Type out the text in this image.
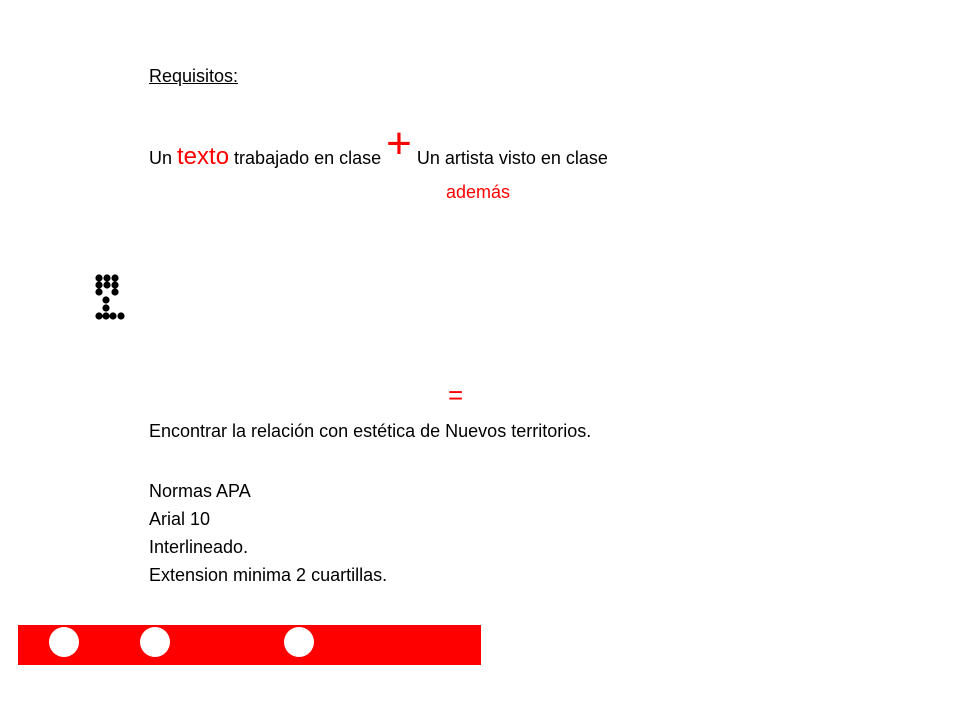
Requisitos:
Un texto trabajado en clase + Un artista visto en clase
además
=
Encontrar la relación con estética de Nuevos territorios.
Normas APA
Arial 10
Interlineado.
Extension minima 2 cuartillas.
